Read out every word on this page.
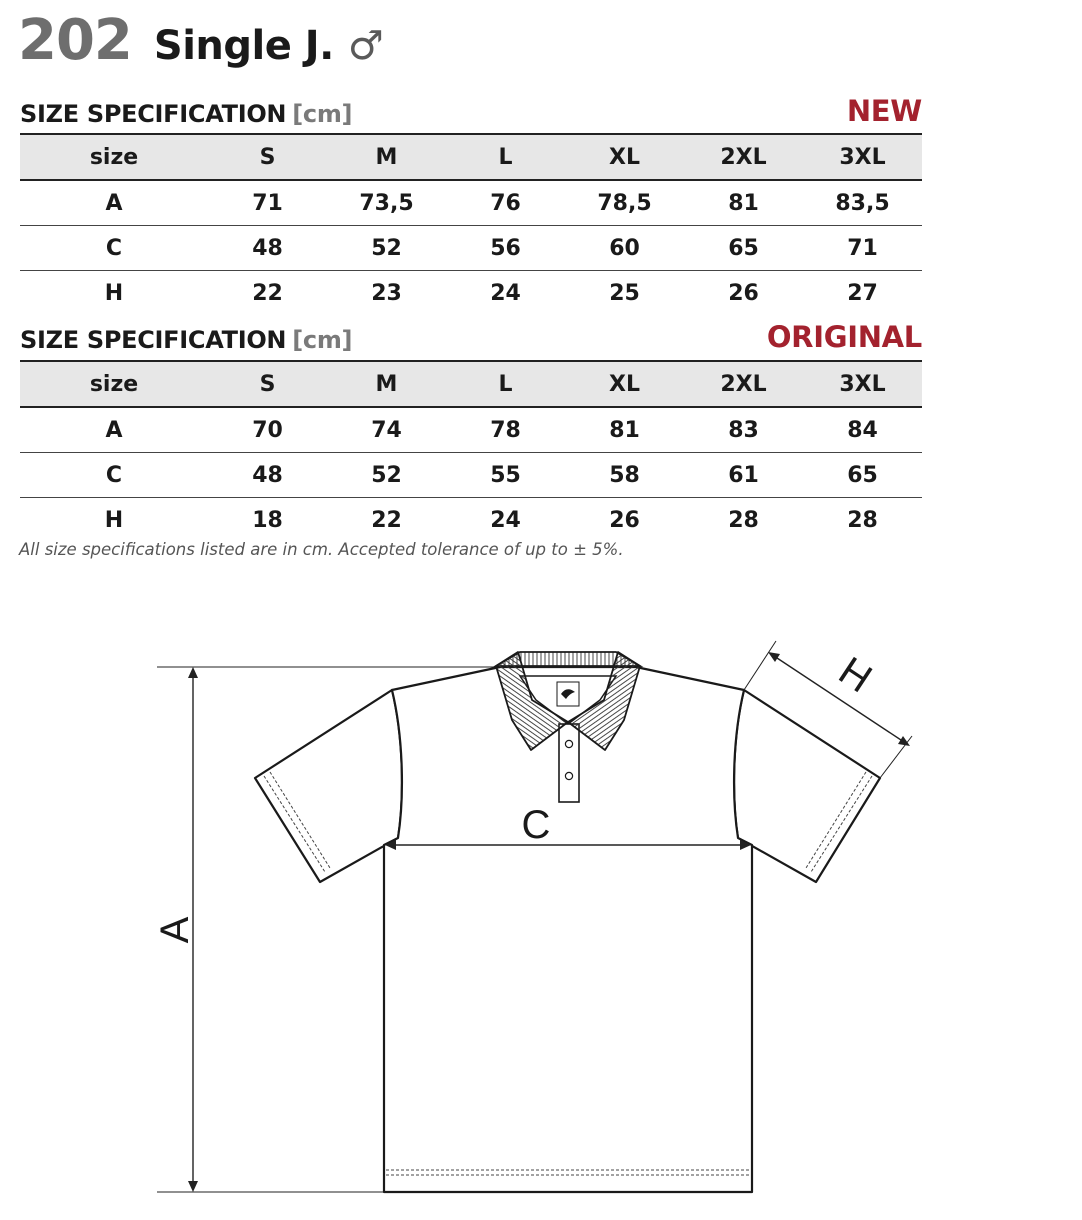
202 Single J. ♂
SIZE SPECIFICATION [cm]	NEW
size	S	M	L	XL	2XL	3XL
A	71	73,5	76	78,5	81	83,5
C	48	52	56	60	65	71
H	22	23	24	25	26	27
SIZE SPECIFICATION [cm]	ORIGINAL
size	S	M	L	XL	2XL	3XL
A	70	74	78	81	83	84
C	48	52	55	58	61	65
H	18	22	24	26	28	28
All size specifications listed are in cm. Accepted tolerance of up to ± 5%.
A
C
H
